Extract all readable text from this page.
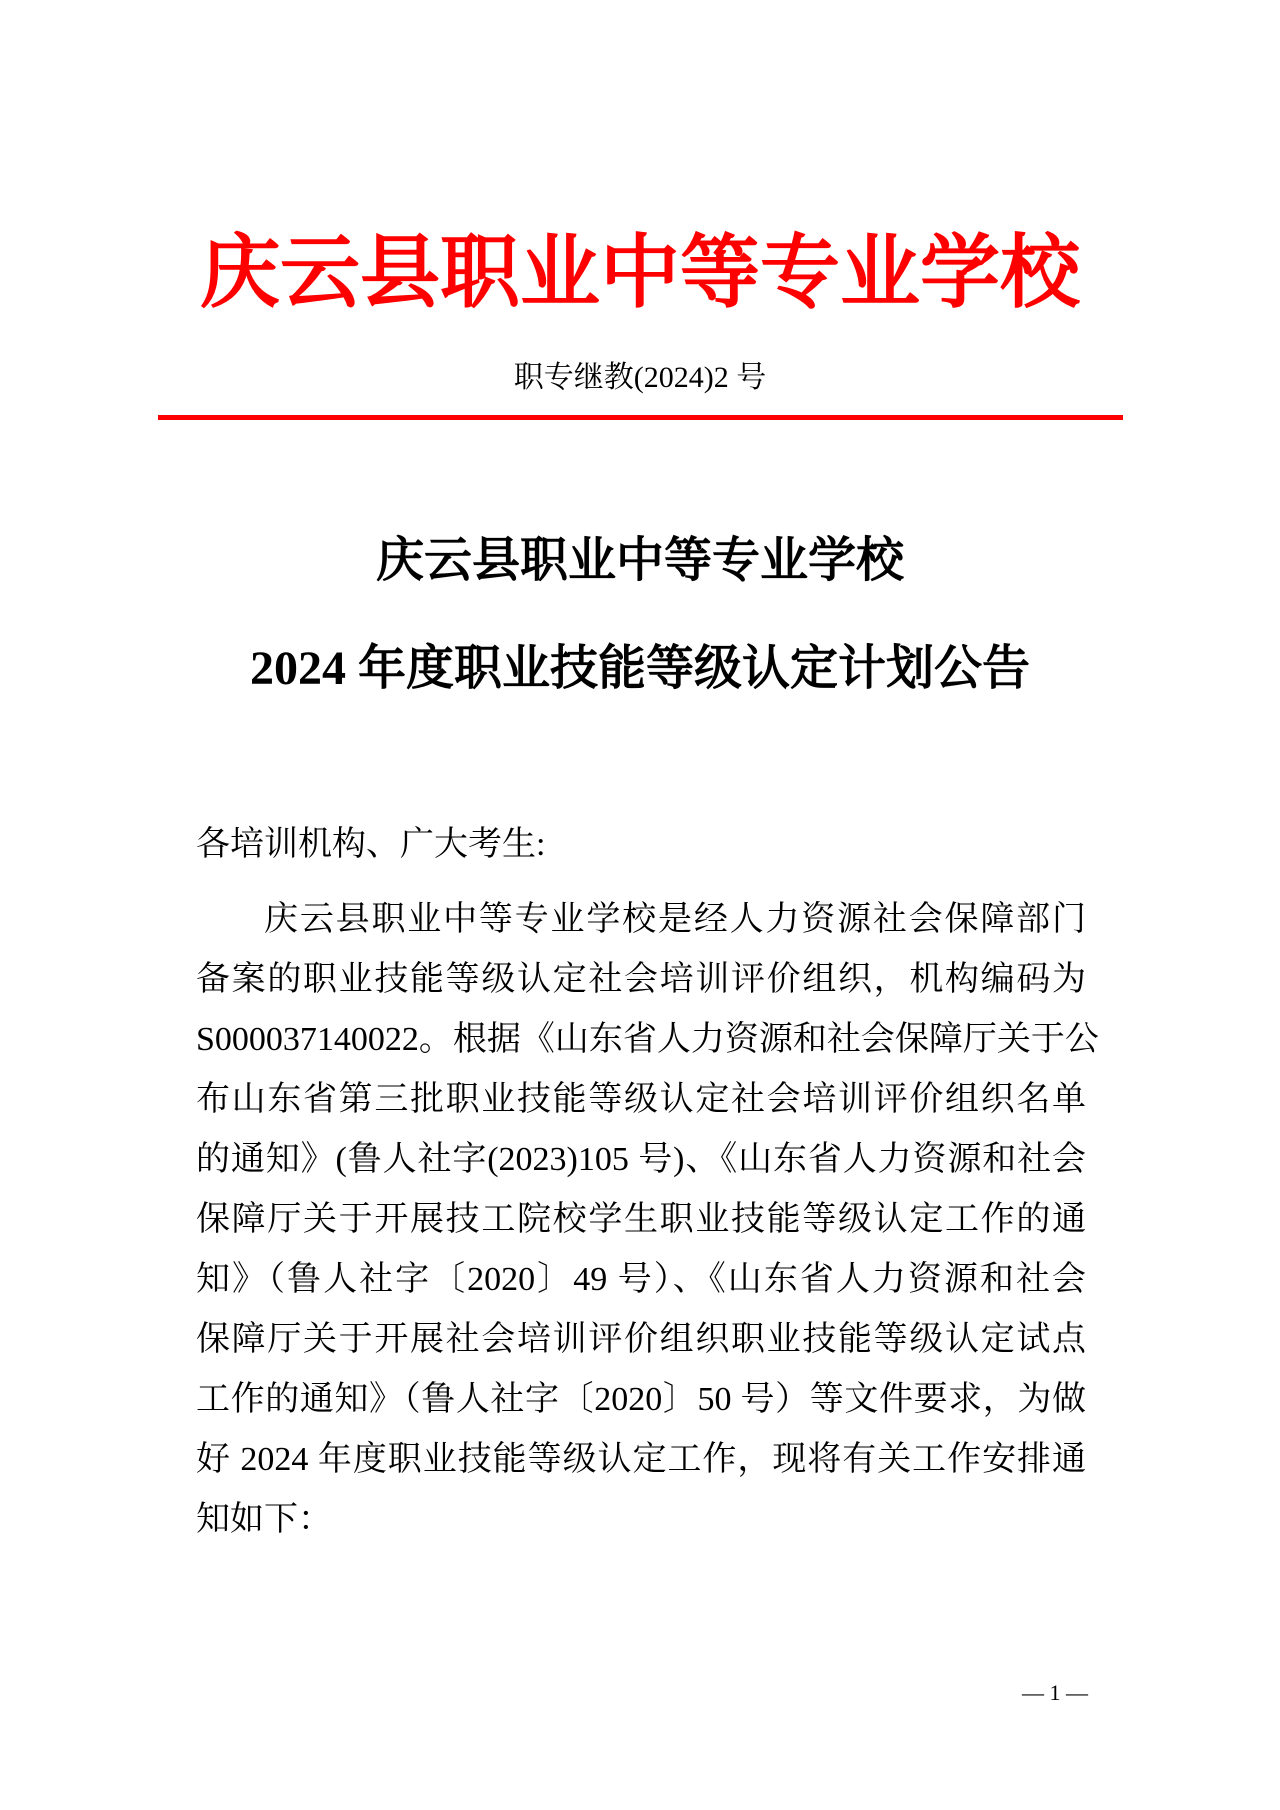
庆云县职业中等专业学校
职专继教(2024)2 号
庆云县职业中等专业学校
2024 年度职业技能等级认定计划公告
各培训机构、广大考生:
庆云县职业中等专业学校是经人力资源社会保障部门
备案的职业技能等级认定社会培训评价组织，机构编码为
S000037140022。根据《山东省人力资源和社会保障厅关于公
布山东省第三批职业技能等级认定社会培训评价组织名单
的通知》(鲁人社字(2023)105 号)、《山东省人力资源和社会
保障厅关于开展技工院校学生职业技能等级认定工作的通
知》（鲁人社字〔2020〕49 号）、《山东省人力资源和社会
保障厅关于开展社会培训评价组织职业技能等级认定试点
工作的通知》（鲁人社字〔2020〕50 号）等文件要求，为做
好 2024 年度职业技能等级认定工作，现将有关工作安排通
知如下：
— 1 —
